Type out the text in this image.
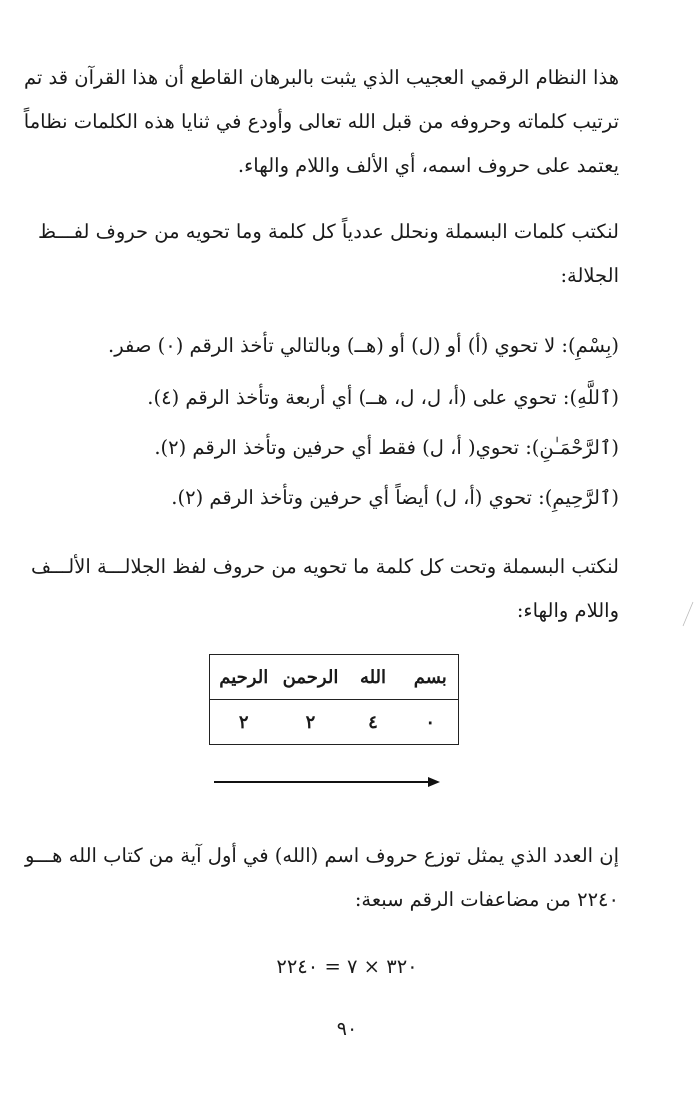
هذا النظام الرقمي العجيب الذي يثبت بالبرهان القاطع أن هذا القرآن قد تم
ترتيب كلماته وحروفه من قبل الله تعالى وأودع في ثنايا هذه الكلمات نظاماً
يعتمد على حروف اسمه، أي الألف واللام والهاء.
لنكتب كلمات البسملة ونحلل عددياً كل كلمة وما تحويه من حروف لفـــظ
الجلالة:
(بِسْمِ): لا تحوي (أ) أو (ل) أو (هــ) وبالتالي تأخذ الرقم (٠) صفر.
(ٱللَّهِ): تحوي على (أ، ل، ل، هــ) أي أربعة وتأخذ الرقم (٤).
(ٱلرَّحْمَـٰنِ): تحوي( أ، ل) فقط أي حرفين وتأخذ الرقم (٢).
(ٱلرَّحِيمِ): تحوي (أ، ل) أيضاً أي حرفين وتأخذ الرقم (٢).
لنكتب البسملة وتحت كل كلمة ما تحويه من حروف لفظ الجلالـــة الألـــف
واللام والهاء:
بسم	الله	الرحمن	الرحيم
٠	٤	٢	٢
إن العدد الذي يمثل توزع حروف اسم (الله) في أول آية من كتاب الله هـــو
٢٢٤٠ من مضاعفات الرقم سبعة:
٣٢٠ × ٧ = ٢٢٤٠
٩٠
